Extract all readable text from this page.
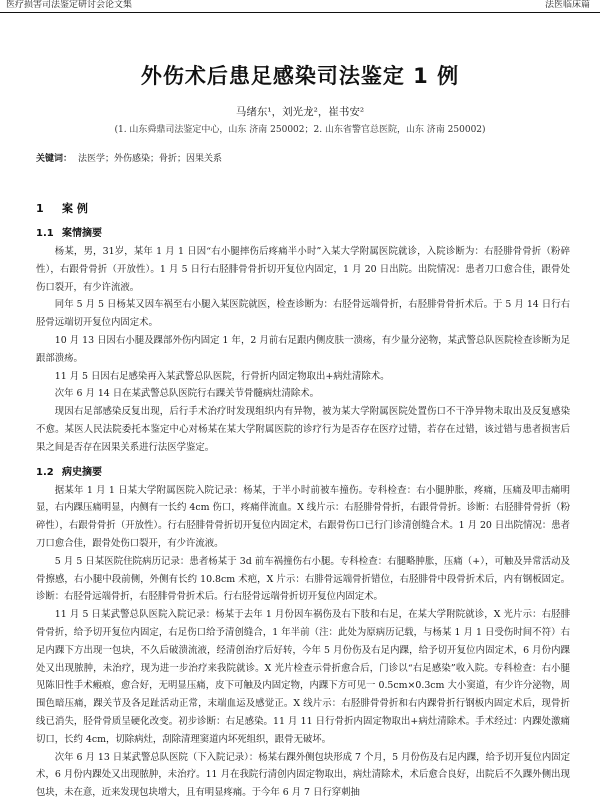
医疗损害司法鉴定研讨会论文集	法医临床篇
外伤术后患足感染司法鉴定 1 例
马绪东¹，刘光龙²，崔书安²
(1. 山东舜鼎司法鉴定中心，山东 济南 250002；2. 山东省警官总医院，山东 济南 250002)
关键词： 法医学；外伤感染；骨折；因果关系
1 案 例
1.1 案情摘要

杨某，男，31岁，某年 1 月 1 日因“右小腿摔伤后疼痛半小时”入某大学附属医院就诊，入院诊断为：右胫腓骨骨折（粉碎性），右跟骨骨折（开放性）。1 月 5 日行右胫腓骨骨折切开复位内固定，1 月 20 日出院。出院情况：患者刀口愈合佳，跟骨处伤口裂开，有少许流液。

同年 5 月 5 日杨某又因车祸至右小腿入某医院就医，检查诊断为：右胫骨远端骨折，右胫腓骨骨折术后。于 5 月 14 日行右胫骨远端切开复位内固定术。

10 月 13 日因右小腿及踝部外伤内固定 1 年，2 月前右足跟内侧皮肤一溃疡，有少量分泌物，某武警总队医院检查诊断为足跟部溃疡。

11 月 5 日因右足感染再入某武警总队医院，行骨折内固定物取出+病灶清除术。

次年 6 月 14 日在某武警总队医院行右踝关节骨髓病灶清除术。

现因右足部感染反复出现，后行手术治疗时发现组织内有异物，被为某大学附属医院处置伤口不干净异物未取出及反复感染不愈。某医人民法院委托本鉴定中心对杨某在某大学附属医院的诊疗行为是否存在医疗过错，若存在过错，该过错与患者损害后果之间是否存在因果关系进行法医学鉴定。

1.2 病史摘要

据某年 1 月 1 日某大学附属医院入院记录：杨某，于半小时前被车撞伤。专科检查：右小腿肿胀，疼痛，压痛及叩击痛明显，右内踝压痛明显，内侧有一长约 4cm 伤口，疼痛伴流血。X 线片示：右胫腓骨骨折，右跟骨骨折。诊断：右胫腓骨骨折（粉碎性），右跟骨骨折（开放性）。行右胫腓骨骨折切开复位内固定术，右跟骨伤口已行门诊清创缝合术。1 月 20 日出院情况：患者刀口愈合佳，跟骨处伤口裂开，有少许流液。

5 月 5 日某医院住院病历记录：患者杨某于 3d 前车祸撞伤右小腿。专科检查：右腿略肿胀，压痛（+），可触及异常活动及骨擦感，右小腿中段前侧，外侧有长约 10.8cm 术疤，X 片示：右腓骨远端骨折错位，右胫腓骨中段骨折术后，内有钢板固定。诊断：右胫骨远端骨折，右胫腓骨骨折术后。行右胫骨远端骨折切开复位内固定术。

11 月 5 日某武警总队医院入院记录：杨某于去年 1 月份因车祸伤及右下肢和右足，在某大学附院就诊，X 光片示：右胫腓骨骨折，给予切开复位内固定，右足伤口给予清创缝合，1 年半前（注：此处为原病历记载，与杨某 1 月 1 日受伤时间不符）右足内踝下方出现一包块，不久后破溃流液，经清创治疗后好转，今年 5 月份伤及右足内踝，给予切开复位内固定术，6 月份内踝处又出现脓肿，未治疗，现为进一步治疗来我院就诊。X 光片检查示骨折愈合后，门诊以“右足感染”收入院。专科检查：右小腿见陈旧性手术瘢痕，愈合好，无明显压痛，皮下可触及内固定物，内踝下方可见一 0.5cm×0.3cm 大小窦道，有少许分泌物，周围色暗压痛，踝关节及各足趾活动正常，末端血运及感觉正。X 线片示：右胫腓骨骨折和右内踝骨折行钢板内固定术后，现骨折线已消失，胫骨骨质呈硬化改变。初步诊断：右足感染。11 月 11 日行骨折内固定物取出+病灶清除术。手术经过：内踝处激痛切口，长约 4cm，切除病灶，刮除清理窦道内坏死组织，跟骨无破坏。

次年 6 月 13 日某武警总队医院（下入院记录）：杨某右踝外侧包块形成 7 个月，5 月份伤及右足内踝，给予切开复位内固定术，6 月份内踝处又出现脓肿，未治疗。11 月在我院行清创内固定物取出，病灶清除术，术后愈合良好，出院后不久踝外侧出现包块，未在意，近来发现包块增大，且有明显疼痛。于今年 6 月 7 日行穿刺抽
